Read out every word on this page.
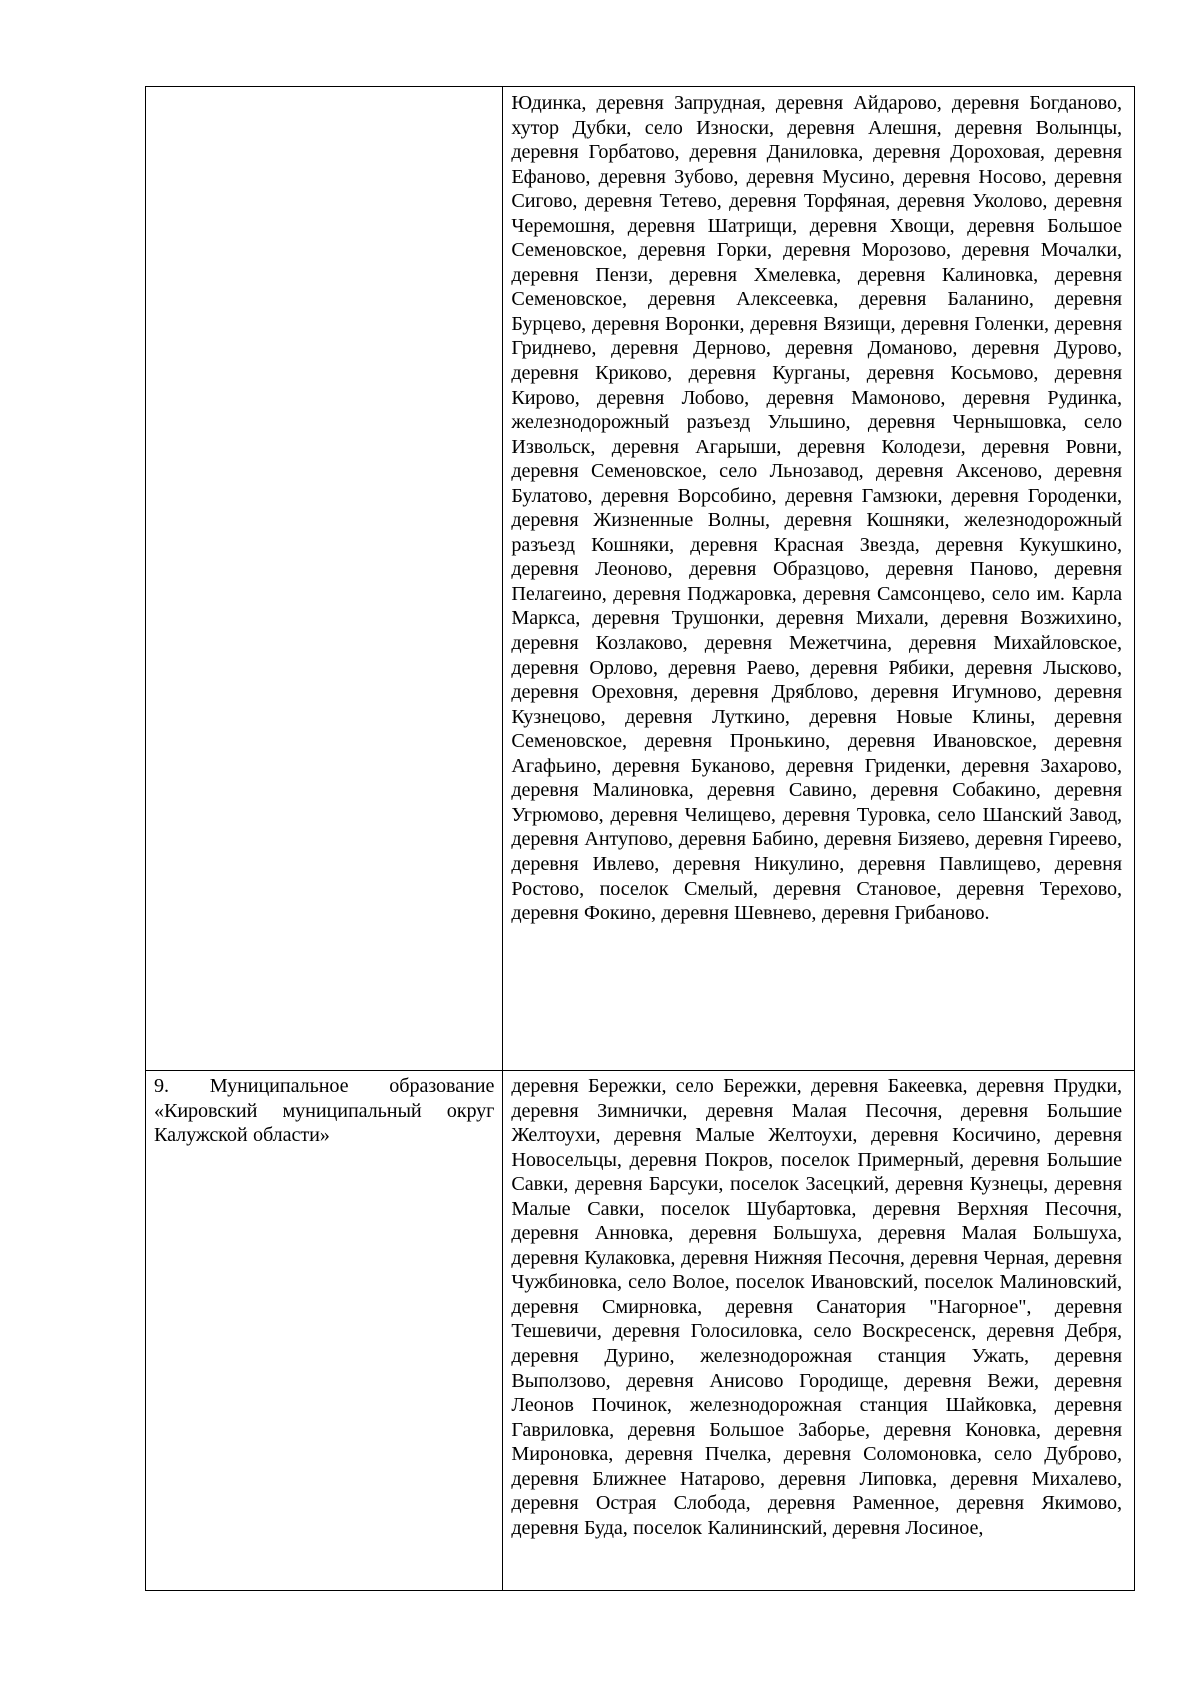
	Юдинка, деревня Запрудная, деревня Айдарово, деревня Богданово, хутор Дубки, село Износки, деревня Алешня, деревня Волынцы, деревня Горбатово, деревня Даниловка, деревня Дороховая, деревня Ефаново, деревня Зубово, деревня Мусино, деревня Носово, деревня Сигово, деревня Тетево, деревня Торфяная, деревня Уколово, деревня Черемошня, деревня Шатрищи, деревня Хвощи, деревня Большое Семеновское, деревня Горки, деревня Морозово, деревня Мочалки, деревня Пензи, деревня Хмелевка, деревня Калиновка, деревня Семеновское, деревня Алексеевка, деревня Баланино, деревня Бурцево, деревня Воронки, деревня Вязищи, деревня Голенки, деревня Гриднево, деревня Дерново, деревня Доманово, деревня Дурово, деревня Криково, деревня Курганы, деревня Косьмово, деревня Кирово, деревня Лобово, деревня Мамоново, деревня Рудинка, железнодорожный разъезд Ульшино, деревня Чернышовка, село Извольск, деревня Агарыши, деревня Колодези, деревня Ровни, деревня Семеновское, село Льнозавод, деревня Аксеново, деревня Булатово, деревня Ворсобино, деревня Гамзюки, деревня Городенки, деревня Жизненные Волны, деревня Кошняки, железнодорожный разъезд Кошняки, деревня Красная Звезда, деревня Кукушкино, деревня Леоново, деревня Образцово, деревня Паново, деревня Пелагеино, деревня Поджаровка, деревня Самсонцево, село им. Карла Маркса, деревня Трушонки, деревня Михали, деревня Возжихино, деревня Козлаково, деревня Межетчина, деревня Михайловское, деревня Орлово, деревня Раево, деревня Рябики, деревня Лысково, деревня Ореховня, деревня Дряблово, деревня Игумново, деревня Кузнецово, деревня Луткино, деревня Новые Клины, деревня Семеновское, деревня Пронькино, деревня Ивановское, деревня Агафьино, деревня Буканово, деревня Гриденки, деревня Захарово, деревня Малиновка, деревня Савино, деревня Собакино, деревня Угрюмово, деревня Челищево, деревня Туровка, село Шанский Завод, деревня Антупово, деревня Бабино, деревня Бизяево, деревня Гиреево, деревня Ивлево, деревня Никулино, деревня Павлищево, деревня Ростово, поселок Смелый, деревня Становое, деревня Терехово, деревня Фокино, деревня Шевнево, деревня Грибаново.

9. Муниципальное образование «Кировский муниципальный округ Калужской области»	деревня Бережки, село Бережки, деревня Бакеевка, деревня Прудки, деревня Зимнички, деревня Малая Песочня, деревня Большие Желтоухи, деревня Малые Желтоухи, деревня Косичино, деревня Новосельцы, деревня Покров, поселок Примерный, деревня Большие Савки, деревня Барсуки, поселок Засецкий, деревня Кузнецы, деревня Малые Савки, поселок Шубартовка, деревня Верхняя Песочня, деревня Анновка, деревня Большуха, деревня Малая Большуха, деревня Кулаковка, деревня Нижняя Песочня, деревня Черная, деревня Чужбиновка, село Волое, поселок Ивановский, поселок Малиновский, деревня Смирновка, деревня Санатория "Нагорное", деревня Тешевичи, деревня Голосиловка, село Воскресенск, деревня Дебря, деревня Дурино, железнодорожная станция Ужать, деревня Выползово, деревня Анисово Городище, деревня Вежи, деревня Леонов Починок, железнодорожная станция Шайковка, деревня Гавриловка, деревня Большое Заборье, деревня Коновка, деревня Мироновка, деревня Пчелка, деревня Соломоновка, село Дуброво, деревня Ближнее Натарово, деревня Липовка, деревня Михалево, деревня Острая Слобода, деревня Раменное, деревня Якимово, деревня Буда, поселок Калининский, деревня Лосиное,
